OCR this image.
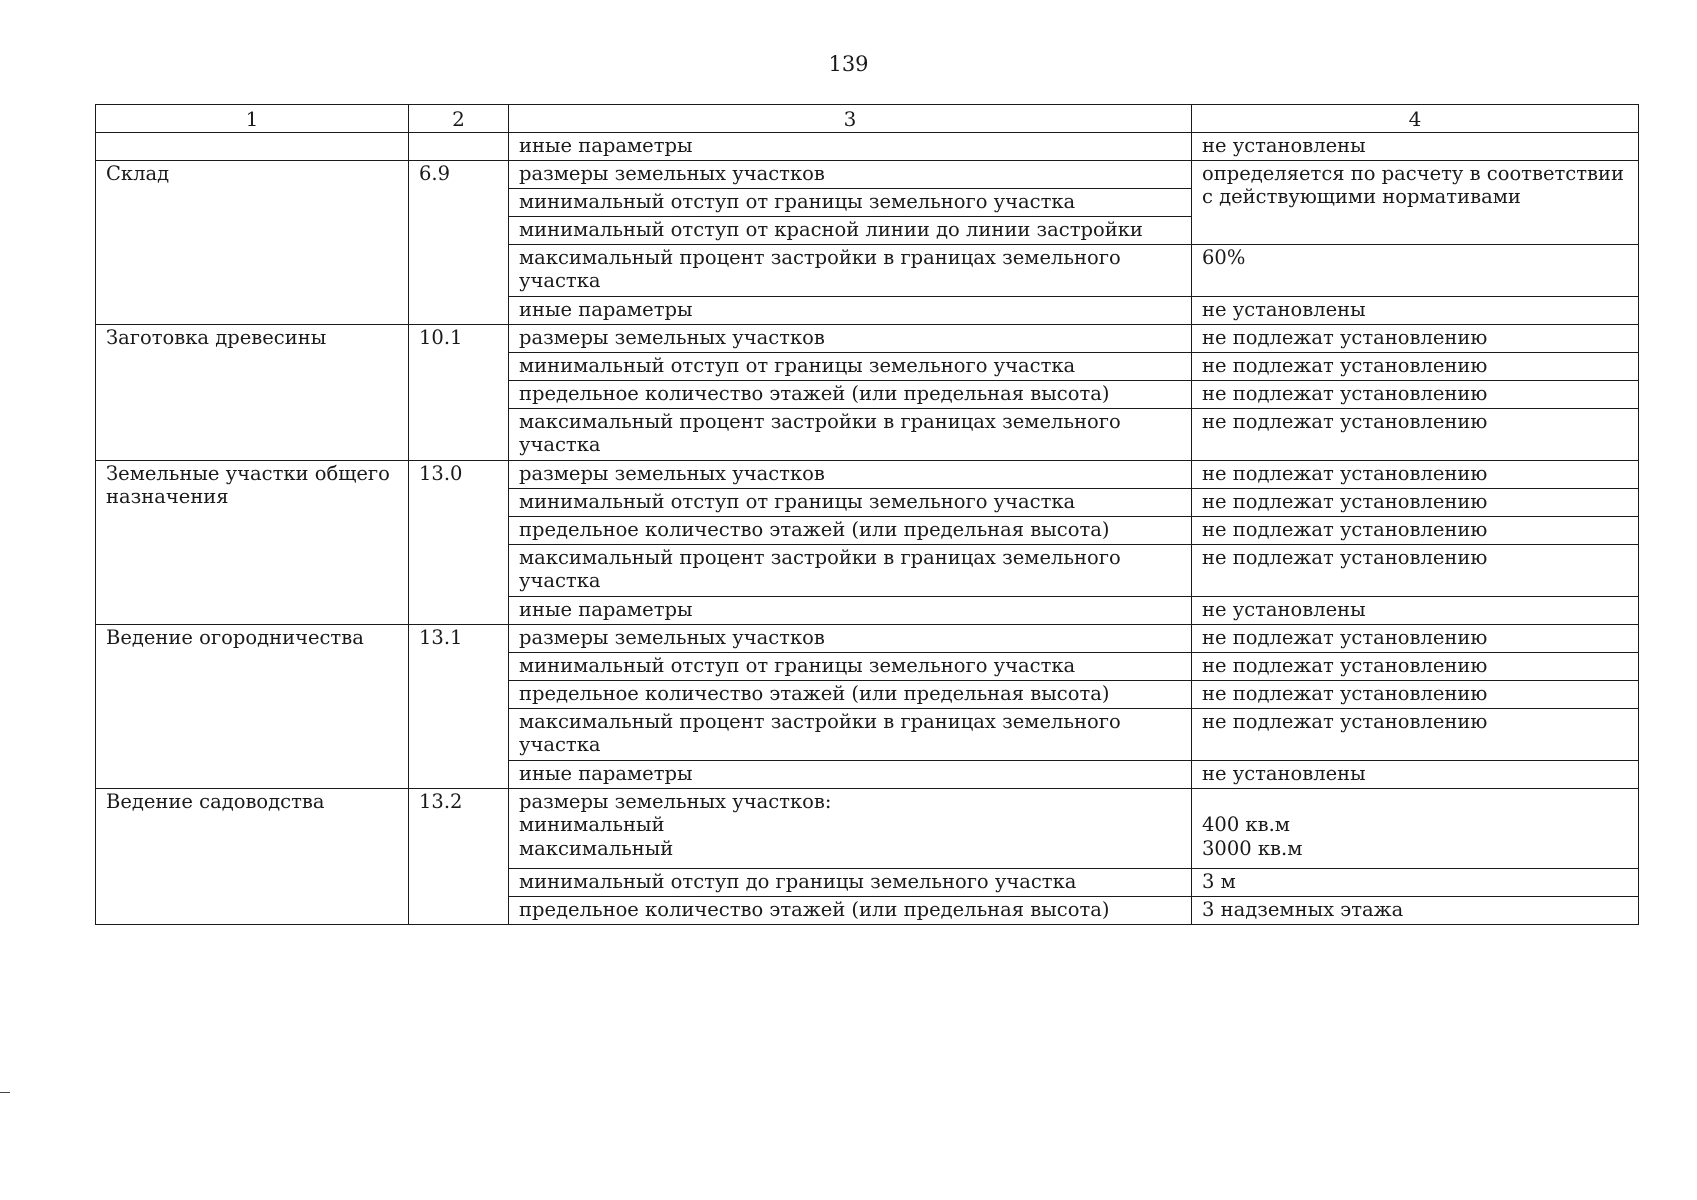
139
1	2	3	4

		иные параметры	не установлены
Склад	6.9	размеры земельных участков	определяется по расчету в соответствии с действующими нормативами

		минимальный отступ от границы земельного участка	

		минимальный отступ от красной линии до линии застройки	

		максимальный процент застройки в границах земельного участка	60%

		иные параметры	не установлены
Заготовка древесины	10.1	размеры земельных участков	не подлежат установлению

		минимальный отступ от границы земельного участка	не подлежат установлению

		предельное количество этажей (или предельная высота)	не подлежат установлению

		максимальный процент застройки в границах земельного участка	не подлежат установлению
Земельные участки общего назначения	13.0	размеры земельных участков	не подлежат установлению

		минимальный отступ от границы земельного участка	не подлежат установлению

		предельное количество этажей (или предельная высота)	не подлежат установлению

		максимальный процент застройки в границах земельного участка	не подлежат установлению

		иные параметры	не установлены
Ведение огородничества	13.1	размеры земельных участков	не подлежат установлению

		минимальный отступ от границы земельного участка	не подлежат установлению

		предельное количество этажей (или предельная высота)	не подлежат установлению

		максимальный процент застройки в границах земельного участка	не подлежат установлению

		иные параметры	не установлены
Ведение садоводства	13.2	размеры земельных участков:
минимальный
максимальный	400 кв.м
3000 кв.м

		минимальный отступ до границы земельного участка	3 м

		предельное количество этажей (или предельная высота)	3 надземных этажа
